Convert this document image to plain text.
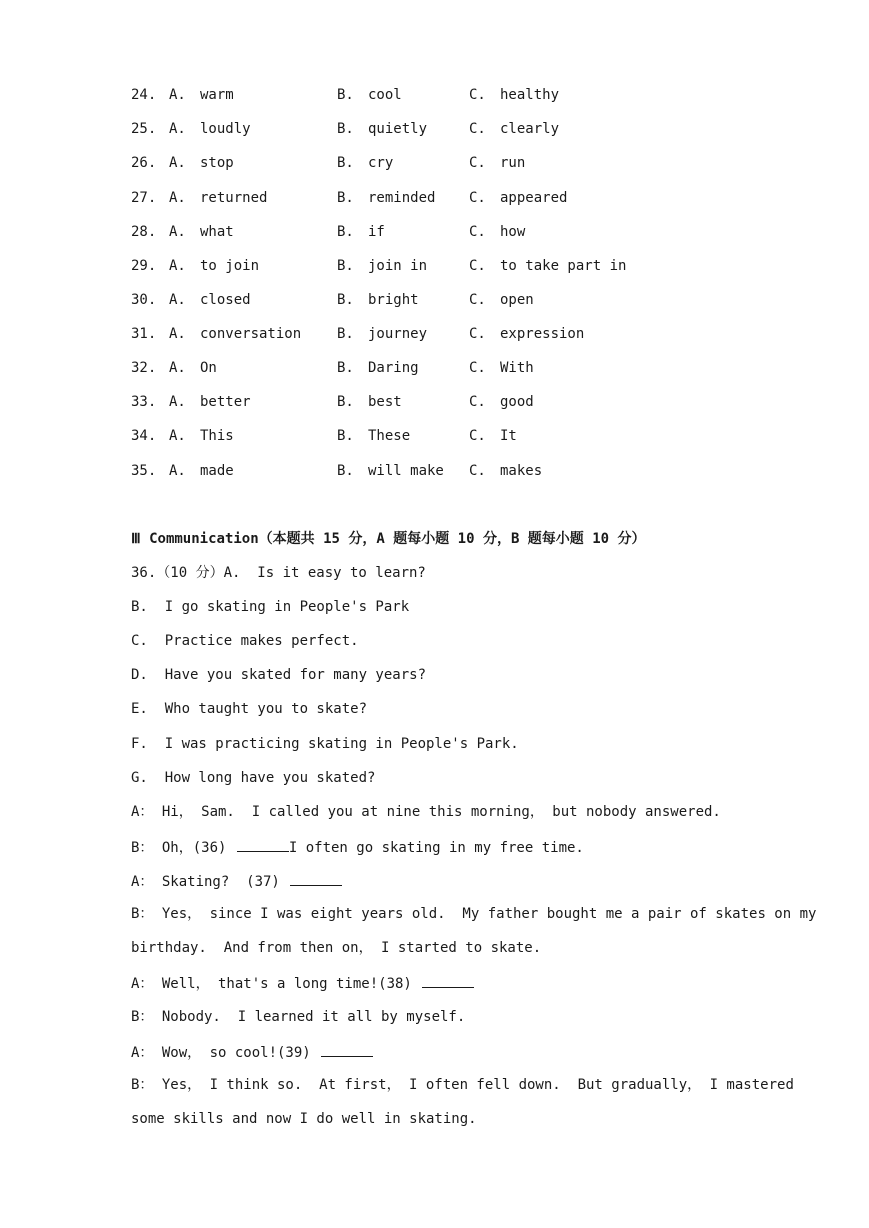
24. A. warm	B. cool	C. healthy
25. A. loudly	B. quietly	C. clearly
26. A. stop	B. cry	C. run
27. A. returned	B. reminded C. appeared
28. A. what	B. if	C. how
29. A. to join	B. join in	C. to take part in
30. A. closed	B. bright	C. open
31. A. conversation	B. journey	C. expression
32. A. On	B. Daring	C. With
33. A. better	B. best	C. good
34. A. This	B. These	C. It
35. A. made	B. will make C. makes
Ⅲ Communication（本题共 15 分，A 题每小题 10 分，B 题每小题 10 分）
36.（10 分）A.  Is it easy to learn?
B.  I go skating in People's Park
C.  Practice makes perfect.
D.  Have you skated for many years?
E.  Who taught you to skate?
F.  I was practicing skating in People's Park.
G.  How long have you skated?
A： Hi， Sam.  I called you at nine this morning， but nobody answered.
B： Oh，(36)	I often go skating in my free time.
A： Skating?  (37)
B： Yes， since I was eight years old.  My father bought me a pair of skates on my
birthday.  And from then on， I started to skate.
A： Well， that's a long time!(38)
B： Nobody.  I learned it all by myself.
A： Wow， so cool!(39)
B： Yes， I think so.  At first， I often fell down.  But gradually， I mastered
some skills and now I do well in skating.
